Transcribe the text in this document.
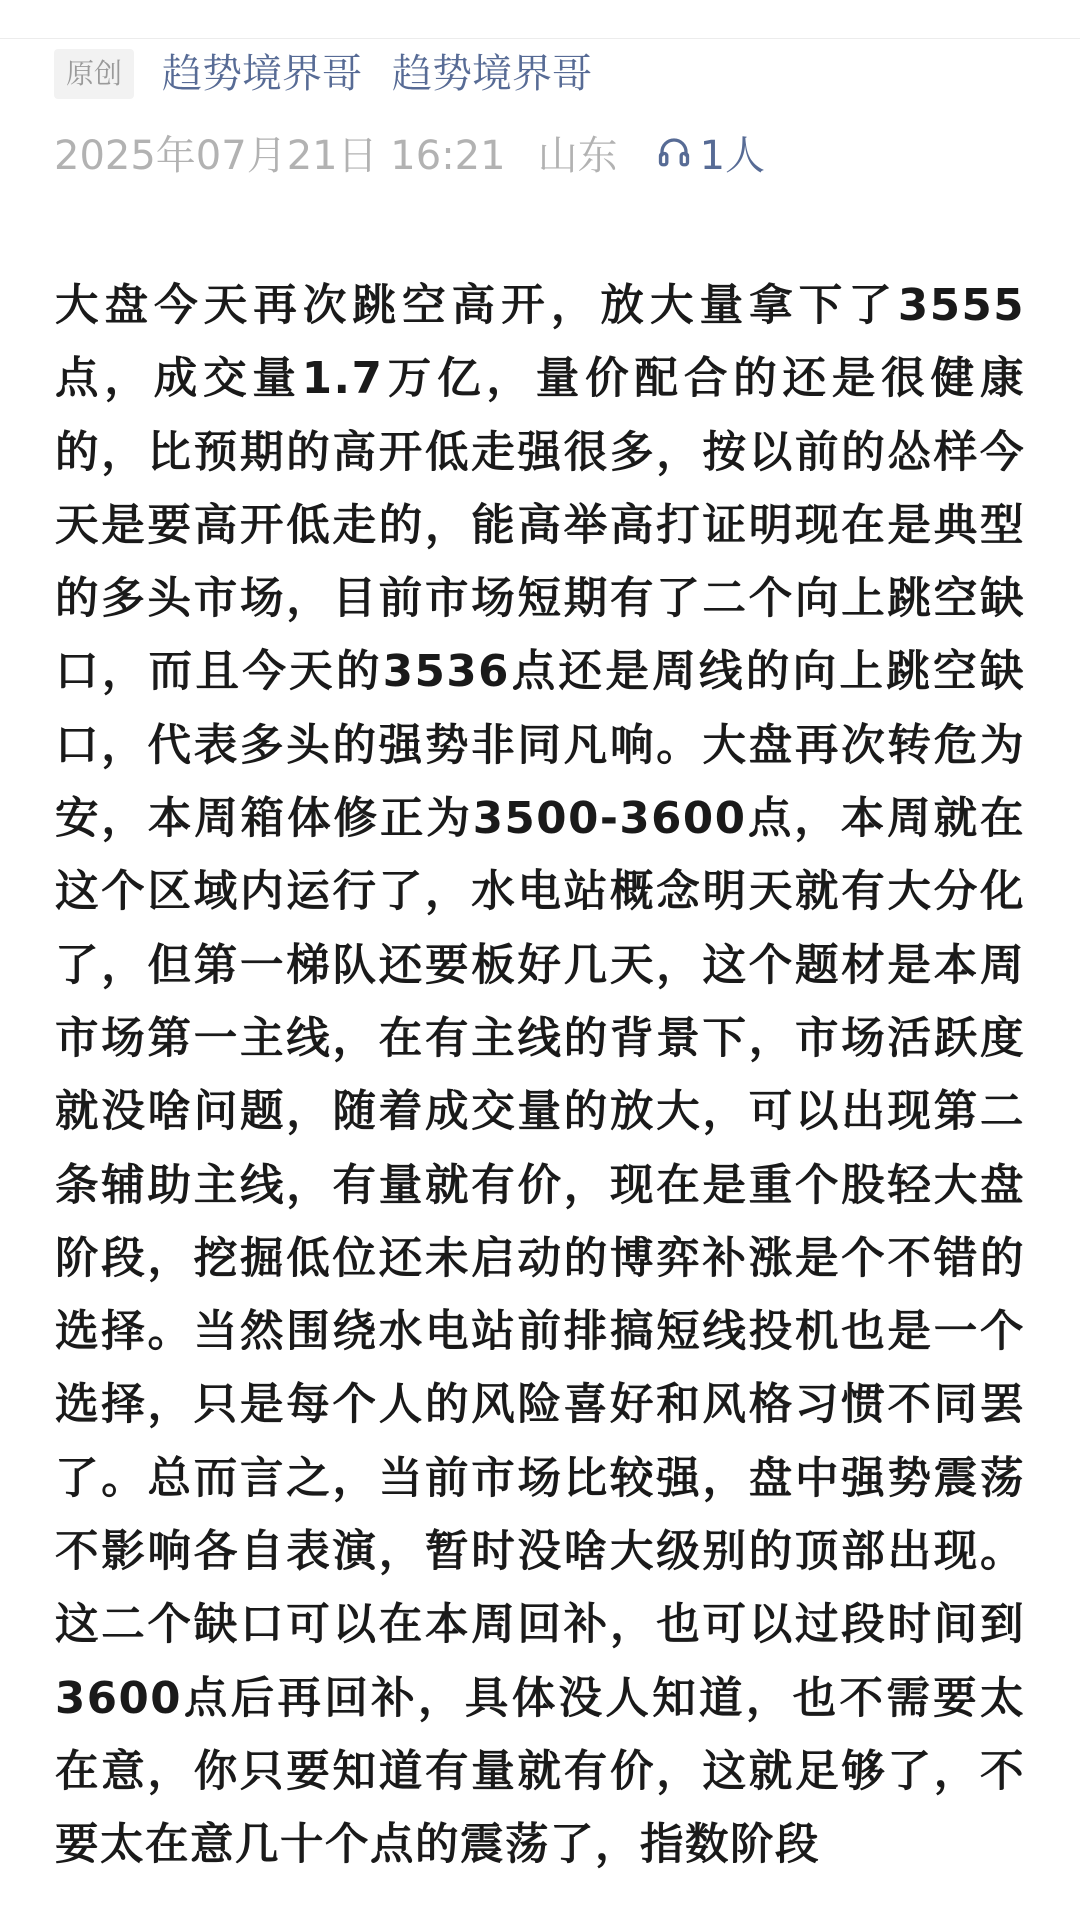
原创	趋势境界哥 趋势境界哥
2025年07月21日 16:21 山东 1人

大盘今天再次跳空高开，放大量拿下了3555点，成交量1.7万亿，量价配合的还是很健康的，比预期的高开低走强很多，按以前的怂样今天是要高开低走的，能高举高打证明现在是典型的多头市场，目前市场短期有了二个向上跳空缺口，而且今天的3536点还是周线的向上跳空缺口，代表多头的强势非同凡响。大盘再次转危为安，本周箱体修正为3500-3600点，本周就在这个区域内运行了，水电站概念明天就有大分化了，但第一梯队还要板好几天，这个题材是本周市场第一主线，在有主线的背景下，市场活跃度就没啥问题，随着成交量的放大，可以出现第二条辅助主线，有量就有价，现在是重个股轻大盘阶段，挖掘低位还未启动的博弈补涨是个不错的选择。当然围绕水电站前排搞短线投机也是一个选择，只是每个人的风险喜好和风格习惯不同罢了。总而言之，当前市场比较强，盘中强势震荡不影响各自表演，暂时没啥大级别的顶部出现。这二个缺口可以在本周回补，也可以过段时间到3600点后再回补，具体没人知道，也不需要太在意，你只要知道有量就有价，这就足够了，不要太在意几十个点的震荡了，指数阶段
